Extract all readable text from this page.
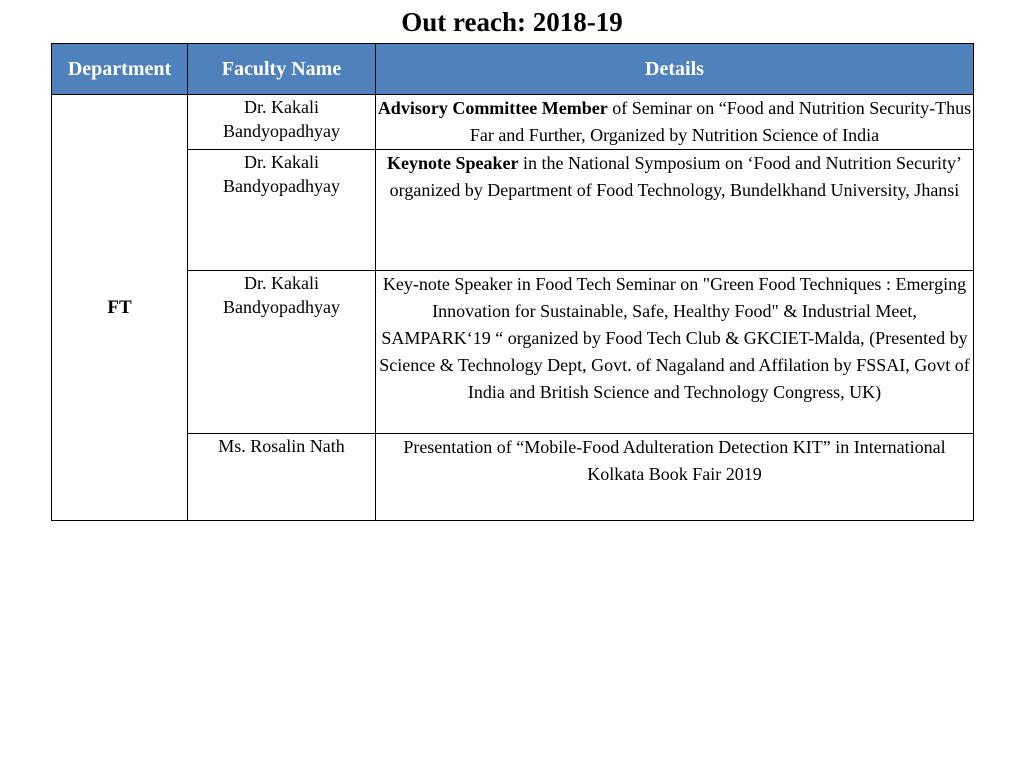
Out reach: 2018-19
Department	Faculty Name	Details
FT	Dr. Kakali Bandyopadhyay	Advisory Committee Member of Seminar on “Food and Nutrition Security-Thus Far and Further, Organized by Nutrition Science of India
	Dr. Kakali Bandyopadhyay	Keynote Speaker in the National Symposium on ‘Food and Nutrition Security’ organized by Department of Food Technology, Bundelkhand University, Jhansi
	Dr. Kakali Bandyopadhyay	Key-note Speaker in Food Tech Seminar on "Green Food Techniques : Emerging Innovation for Sustainable, Safe, Healthy Food" & Industrial Meet, SAMPARK‘19 “ organized by Food Tech Club & GKCIET-Malda, (Presented by Science & Technology Dept, Govt. of Nagaland and Affilation by FSSAI, Govt of India and British Science and Technology Congress, UK)
	Ms. Rosalin Nath	Presentation of “Mobile-Food Adulteration Detection KIT” in International Kolkata Book Fair 2019
